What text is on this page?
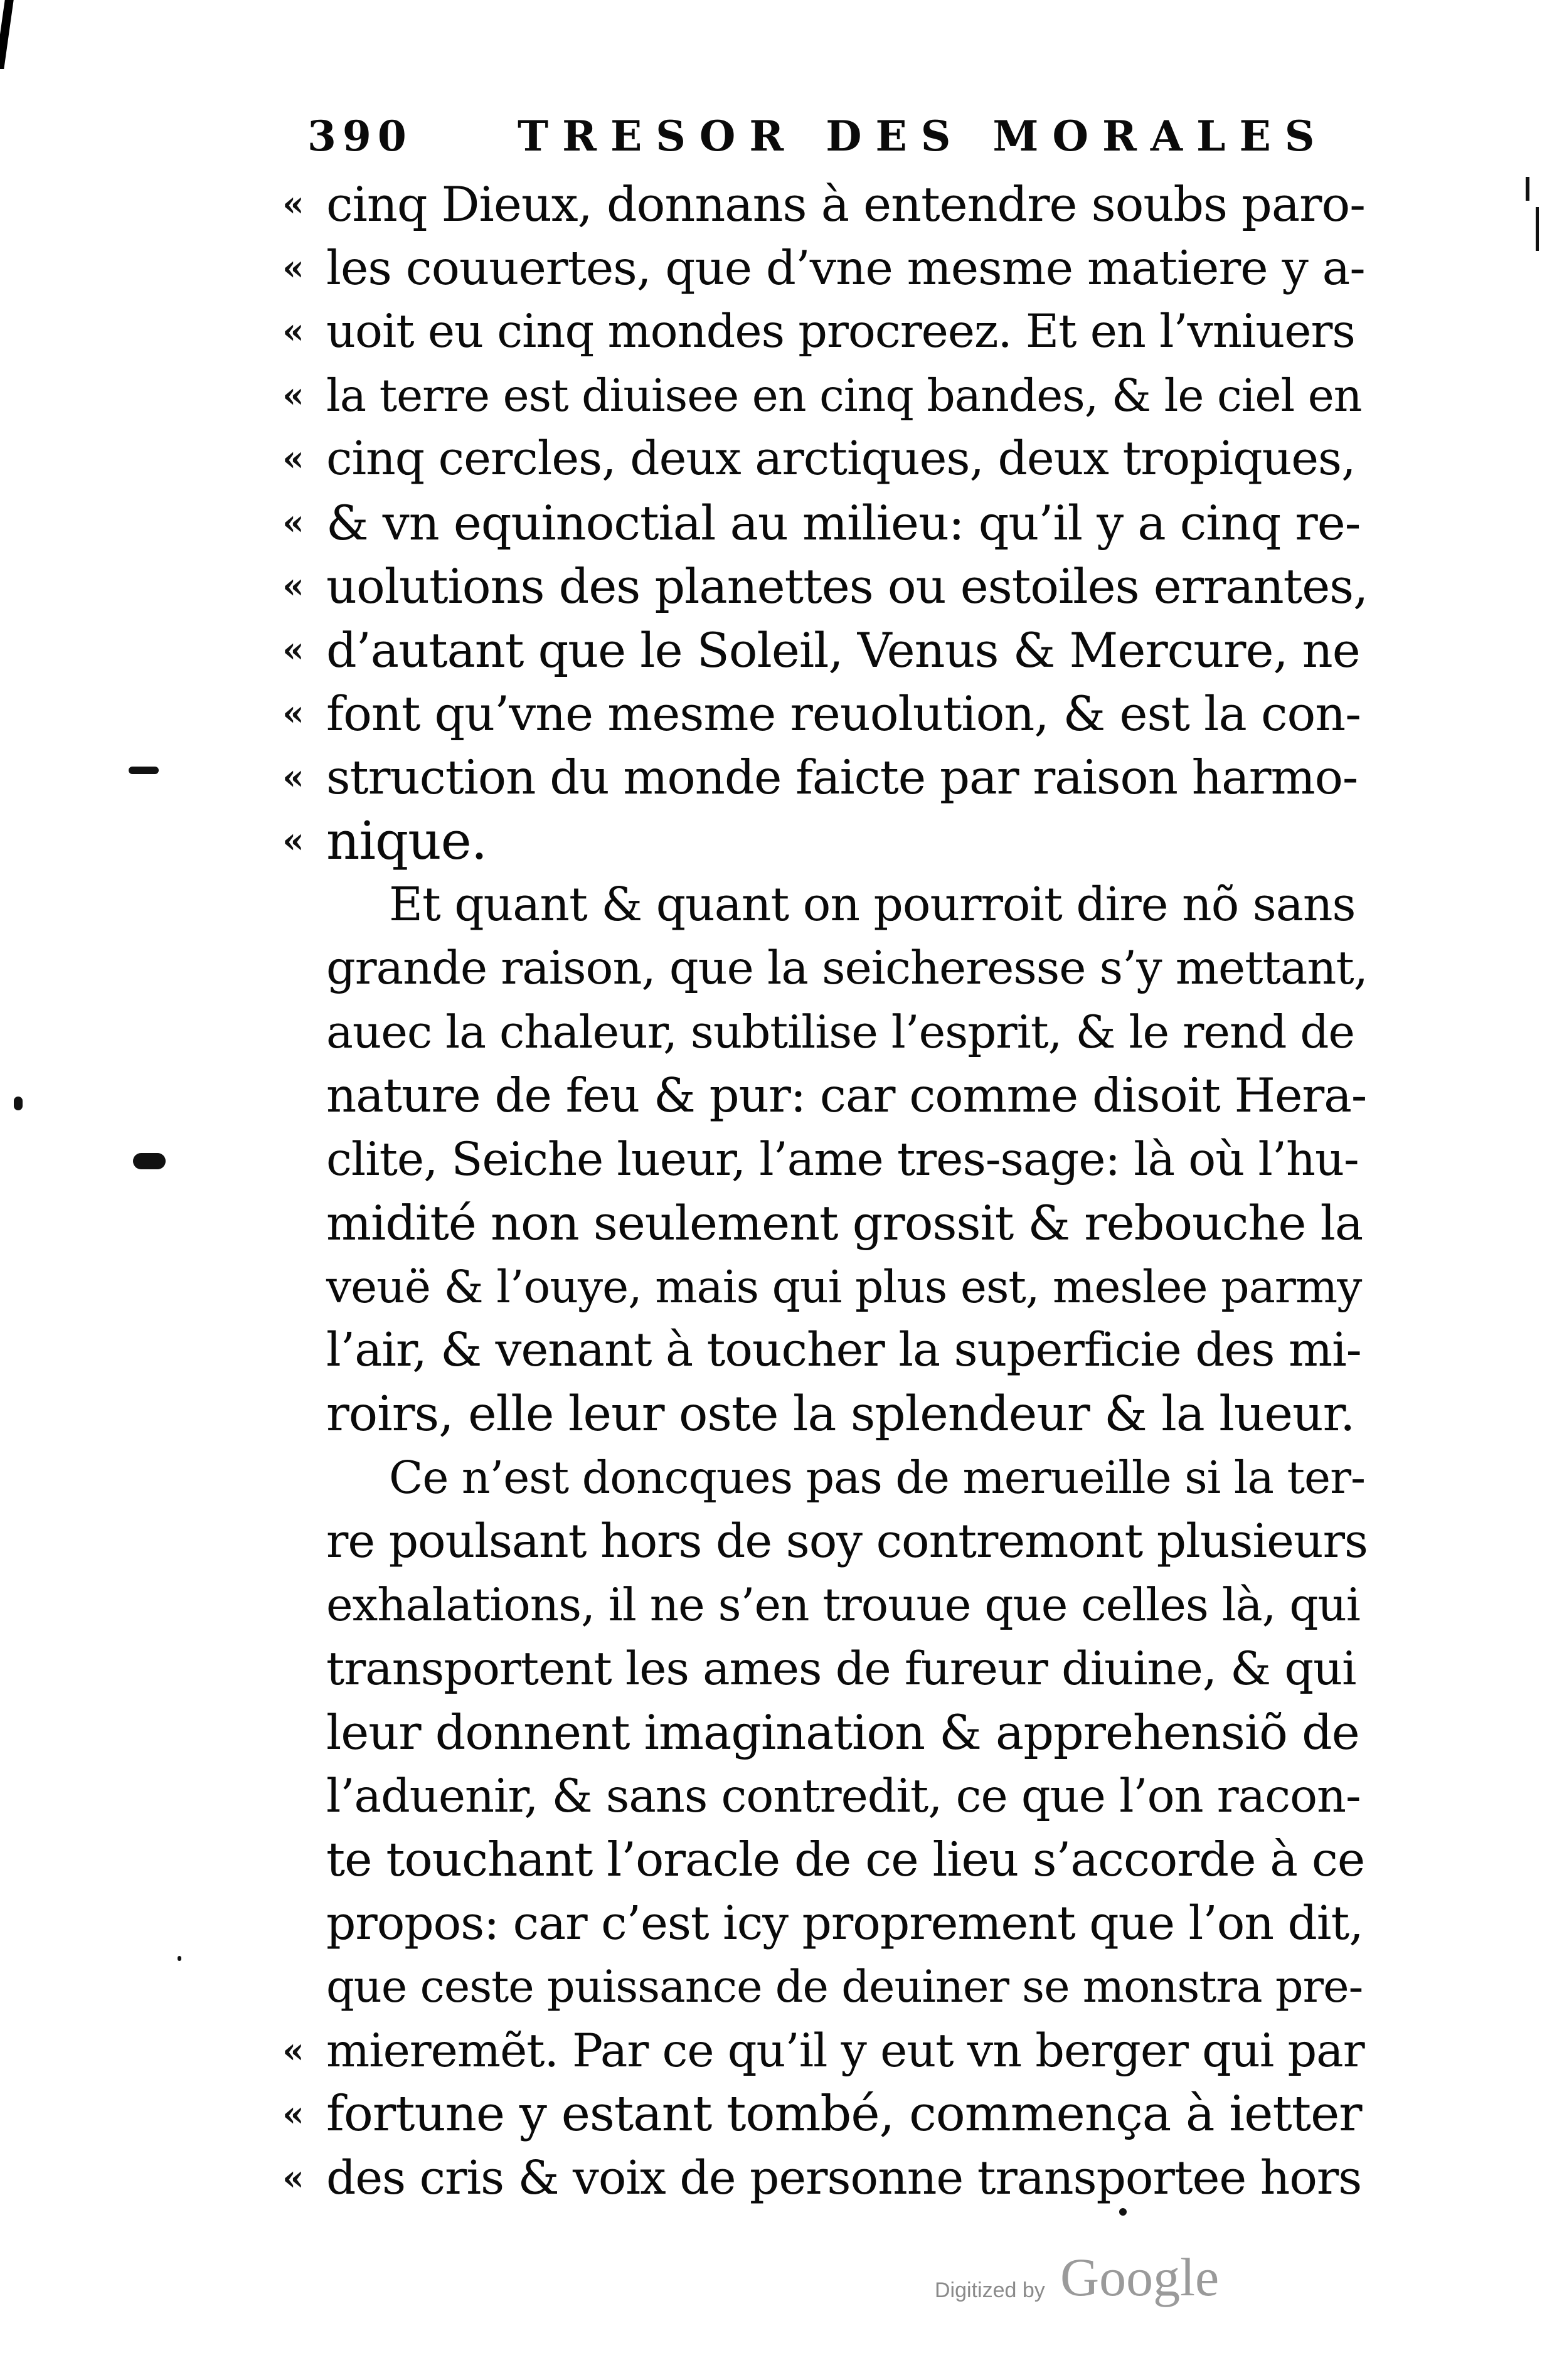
390	TRESOR DES MORALES
« cinq Dieux, donnans à entendre soubs paro-
« les couuertes, que d’vne mesme matiere y a-
« uoit eu cinq mondes procreez. Et en l’vniuers
« la terre est diuisee en cinq bandes, & le ciel en
« cinq cercles, deux arctiques, deux tropiques,
« & vn equinoctial au milieu: qu’il y a cinq re-
« uolutions des planettes ou estoiles errantes,
« d’autant que le Soleil, Venus & Mercure, ne
« font qu’vne mesme reuolution, & est la con-
« struction du monde faicte par raison harmo-
« nique.
Et quant & quant on pourroit dire nõ sans
grande raison, que la seicheresse s’y mettant,
auec la chaleur, subtilise l’esprit, & le rend de
nature de feu & pur: car comme disoit Hera-
clite, Seiche lueur, l’ame tres-sage: là où l’hu-
midité non seulement grossit & rebouche la
veuë & l’ouye, mais qui plus est, meslee parmy
l’air, & venant à toucher la superficie des mi-
roirs, elle leur oste la splendeur & la lueur.
Ce n’est doncques pas de merueille si la ter-
re poulsant hors de soy contremont plusieurs
exhalations, il ne s’en trouue que celles là, qui
transportent les ames de fureur diuine, & qui
leur donnent imagination & apprehensiõ de
l’aduenir, & sans contredit, ce que l’on racon-
te touchant l’oracle de ce lieu s’accorde à ce
propos: car c’est icy proprement que l’on dit,
que ceste puissance de deuiner se monstra pre-
« mieremẽt. Par ce qu’il y eut vn berger qui par
« fortune y estant tombé, commença à ietter
« des cris & voix de personne transportee hors
Digitized by Google
